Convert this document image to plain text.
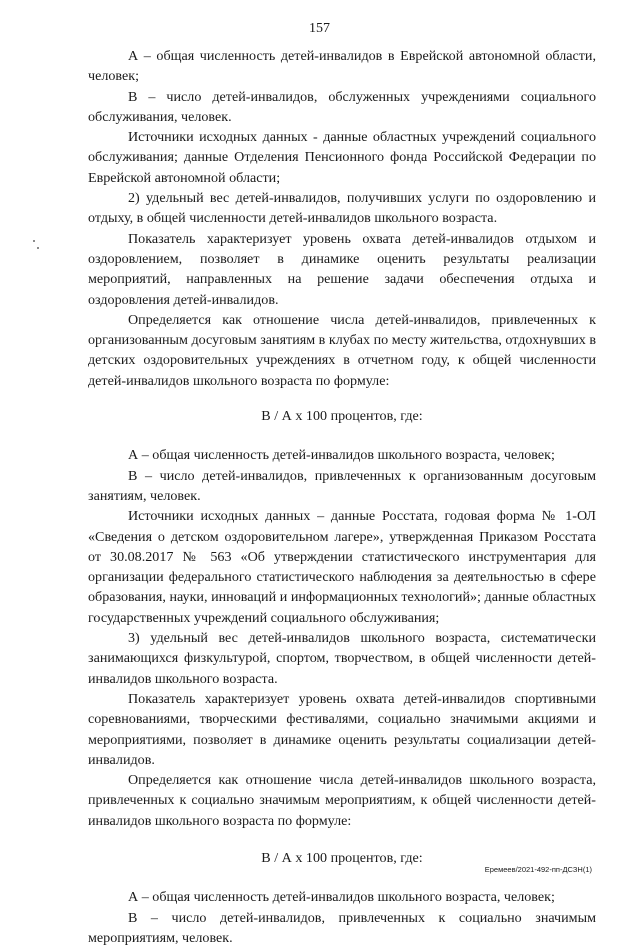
157

А – общая численность детей-инвалидов в Еврейской автономной области, человек;

В – число детей-инвалидов, обслуженных учреждениями социального обслуживания, человек.

Источники исходных данных - данные областных учреждений социального обслуживания; данные Отделения Пенсионного фонда Российской Федерации по Еврейской автономной области;

2) удельный вес детей-инвалидов, получивших услуги по оздоровлению и отдыху, в общей численности детей-инвалидов школьного возраста.

Показатель характеризует уровень охвата детей-инвалидов отдыхом и оздоровлением, позволяет в динамике оценить результаты реализации мероприятий, направленных на решение задачи обеспечения отдыха и оздоровления детей-инвалидов.

Определяется как отношение числа детей-инвалидов, привлеченных к организованным досуговым занятиям в клубах по месту жительства, отдохнувших в детских оздоровительных учреждениях в отчетном году, к общей численности детей-инвалидов школьного возраста по формуле:

В / А х 100 процентов, где:

А – общая численность детей-инвалидов школьного возраста, человек;

В – число детей-инвалидов, привлеченных к организованным досуговым занятиям, человек.

Источники исходных данных – данные Росстата, годовая форма № 1-ОЛ «Сведения о детском оздоровительном лагере», утвержденная Приказом Росстата от 30.08.2017 № 563 «Об утверждении статистического инструментария для организации федерального статистического наблюдения за деятельностью в сфере образования, науки, инноваций и информационных технологий»; данные областных государственных учреждений социального обслуживания;

3) удельный вес детей-инвалидов школьного возраста, систематически занимающихся физкультурой, спортом, творчеством, в общей численности детей-инвалидов школьного возраста.

Показатель характеризует уровень охвата детей-инвалидов спортивными соревнованиями, творческими фестивалями, социально значимыми акциями и мероприятиями, позволяет в динамике оценить результаты социализации детей-инвалидов.

Определяется как отношение числа детей-инвалидов школьного возраста, привлеченных к социально значимым мероприятиям, к общей численности детей-инвалидов школьного возраста по формуле:

В / А х 100 процентов, где:

А – общая численность детей-инвалидов школьного возраста, человек;

В – число детей-инвалидов, привлеченных к социально значимым мероприятиям, человек.

Еремеев/2021-492-пп-ДСЗН(1)
